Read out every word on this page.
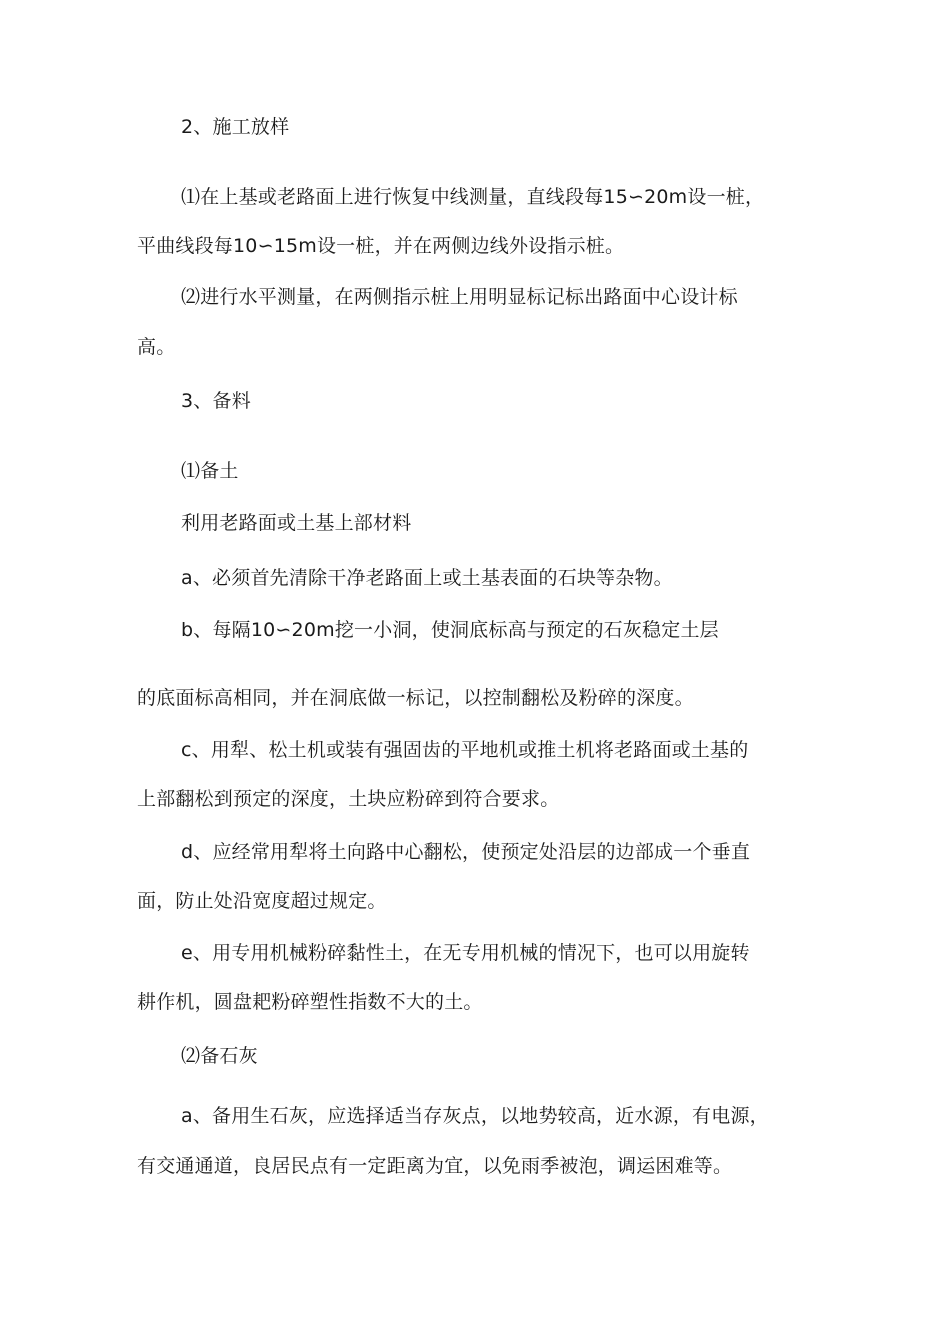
2、施工放样
⑴在上基或老路面上进行恢复中线测量，直线段每15∽20m设一桩，
平曲线段每10∽15m设一桩，并在两侧边线外设指示桩。
⑵进行水平测量，在两侧指示桩上用明显标记标出路面中心设计标
高。
3、备料
⑴备土
利用老路面或土基上部材料
a、必须首先清除干净老路面上或土基表面的石块等杂物。
b、每隔10∽20m挖一小洞，使洞底标高与预定的石灰稳定土层
的底面标高相同，并在洞底做一标记，以控制翻松及粉碎的深度。
c、用犁、松土机或装有强固齿的平地机或推土机将老路面或土基的
上部翻松到预定的深度，土块应粉碎到符合要求。
d、应经常用犁将土向路中心翻松，使预定处沿层的边部成一个垂直
面，防止处沿宽度超过规定。
e、用专用机械粉碎黏性土，在无专用机械的情况下，也可以用旋转
耕作机，圆盘耙粉碎塑性指数不大的土。
⑵备石灰
a、备用生石灰，应选择适当存灰点，以地势较高，近水源，有电源，
有交通通道，良居民点有一定距离为宜，以免雨季被泡，调运困难等。
